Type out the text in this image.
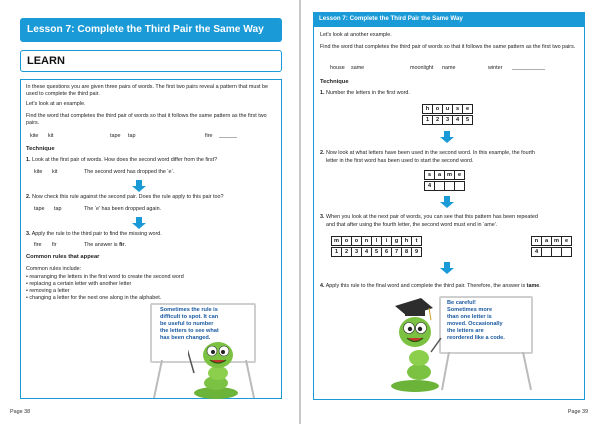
Lesson 7: Complete the Third Pair the Same Way
LEARN
In these questions you are given three pairs of words. The first two pairs reveal a pattern that must be used to complete the third pair.
Let's look at an example.
Find the word that completes the third pair of words so that it follows the same pattern as the first two pairs.
kite kit	tape tap	fire ______
Technique
1. Look at the first pair of words. How does the second word differ from the first?
kite kit	The second word has dropped the ‘e’.
2. Now check this rule against the second pair. Does the rule apply to this pair too?
tape tap	The ‘e’ has been dropped again.
3. Apply the rule to the third pair to find the missing word.
fire fir	The answer is fir.
Common rules that appear
Common rules include:
• rearranging the letters in the first word to create the second word
• replacing a certain letter with another letter
• removing a letter
• changing a letter for the next one along in the alphabet.
Sometimes the rule is
difficult to spot. It can
be useful to number
the letters to see what
has been changed.
Page 38
Lesson 7: Complete the Third Pair the Same Way
Let's look at another example.
Find the word that completes the third pair of words so that it follows the same pattern as the first two pairs.
house same	moonlight name	winter ___________
Technique
1. Number the letters in the first word.
h	o	u	s	e
1	2	3	4	5
2. Now look at what letters have been used in the second word. In this example, the fourth
letter in the first word has been used to start the second word.
s	a	m	e
4
3. When you look at the next pair of words, you can see that this pattern has been repeated
and that after using the fourth letter, the second word must end in ‘ame’.
m	o	o	n	l	i	g	h	t
1	2	3	4	5	6	7	8	9
n	a	m	e
4
4. Apply this rule to the final word and complete the third pair. Therefore, the answer is tame.
Be careful!
Sometimes more
than one letter is
moved. Occasionally
the letters are
reordered like a code.
Page 39
